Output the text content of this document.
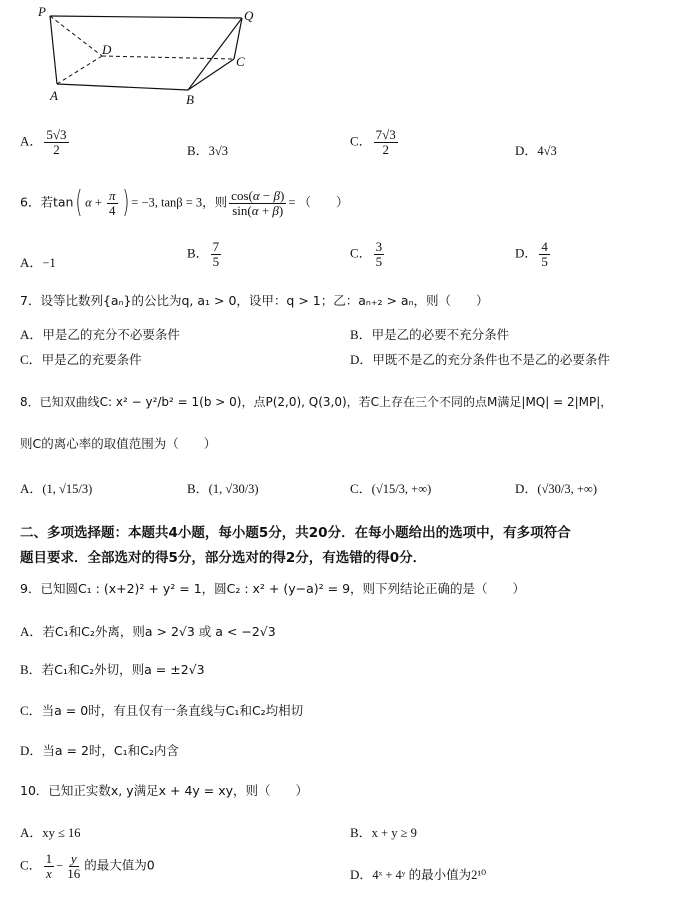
P	Q
D
C
A	B
A． $\frac{5√3}{2}$	B．3√3
C． $\frac{7√3}{2}$	D．4√3
6．若tan( $\alpha + \frac{\pi}{4}$ ) = −3, tanβ = 3，则 $\frac{\cos(\alpha - \beta)}{\sin(\alpha + \beta)}$ = （　　）
A．−1
B． $\frac{7}{5}$	C． $\frac{3}{5}$	D． $\frac{4}{5}$
7．设等比数列{aₙ}的公比为q, a₁ > 0，设甲：q > 1；乙：aₙ₊₂ > aₙ，则（　　）
A．甲是乙的充分不必要条件	B．甲是乙的必要不充分条件
C．甲是乙的充要条件	D．甲既不是乙的充分条件也不是乙的必要条件
8．已知双曲线C: x² − y²/b² = 1(b > 0)，点P(2,0), Q(3,0)，若C上存在三个不同的点M满足|MQ| = 2|MP|，
则C的离心率的取值范围为（　　）
A．(1, √15/3)	B．(1, √30/3)	C．(√15/3, +∞)	D．(√30/3, +∞)
二、多项选择题：本题共4小题，每小题5分，共20分．在每小题给出的选项中，有多项符合
题目要求．全部选对的得5分，部分选对的得2分，有选错的得0分．
9．已知圆C₁ : (x+2)² + y² = 1，圆C₂ : x² + (y−a)² = 9，则下列结论正确的是（　　）
A．若C₁和C₂外离，则a > 2√3 或 a < −2√3
B．若C₁和C₂外切，则a = ±2√3
C．当a = 0时，有且仅有一条直线与C₁和C₂均相切
D．当a = 2时，C₁和C₂内含
10．已知正实数x, y满足x + 4y = xy，则（　　）
A．xy ≤ 16	B．x + y ≥ 9
C． $\frac{1}{x} - \frac{y}{16}$ 的最大值为0
D．4ˣ + 4ʸ 的最小值为2¹⁰
